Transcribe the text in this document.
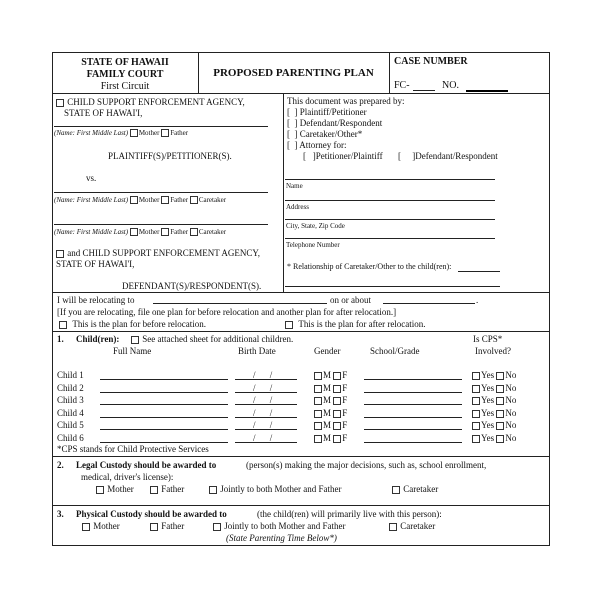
STATE OF HAWAII
FAMILY COURT
First Circuit
PROPOSED PARENTING PLAN
CASE NUMBER
FC-	NO.
CHILD SUPPORT ENFORCEMENT AGENCY,
STATE OF HAWAI'I,
(Name: First Middle Last) Mother Father
PLAINTIFF(S)/PETITIONER(S).
vs.
(Name: First Middle Last) Mother Father Caretaker
(Name: First Middle Last) Mother Father Caretaker
and CHILD SUPPORT ENFORCEMENT AGENCY,
STATE OF HAWAI'I,
DEFENDANT(S)/RESPONDENT(S).
This document was prepared by:
[  ] Plaintiff/Petitioner
[  ] Defendant/Respondent
[  ] Caretaker/Other*
[  ] Attorney for:
[   ]Petitioner/Plaintiff [     ]Defendant/Respondent
Name
Address
City, State, Zip Code
Telephone Number
* Relationship of Caretaker/Other to the child(ren):
I will be relocating to	on or about	.
[If you are relocating, file one plan for before relocation and another plan for after relocation.]
This is the plan for before relocation.	This is the plan for after relocation.
1. Child(ren):	See attached sheet for additional children.	Is CPS*
Full Name	Birth Date	Gender	School/Grade	Involved?
Child 1	/ /	M F	Yes No
Child 2	/ /	M F	Yes No
Child 3	/ /	M F	Yes No
Child 4	/ /	M F	Yes No
Child 5	/ /	M F	Yes No
Child 6	/ /	M F	Yes No
*CPS stands for Child Protective Services
2. Legal Custody should be awarded to	(person(s) making the major decisions, such as, school enrollment,
medical, driver's license):
Mother	Father	Jointly to both Mother and Father	Caretaker
3. Physical Custody should be awarded to	(the child(ren) will primarily live with this person):
Mother	Father	Jointly to both Mother and Father	Caretaker
(State Parenting Time Below*)
